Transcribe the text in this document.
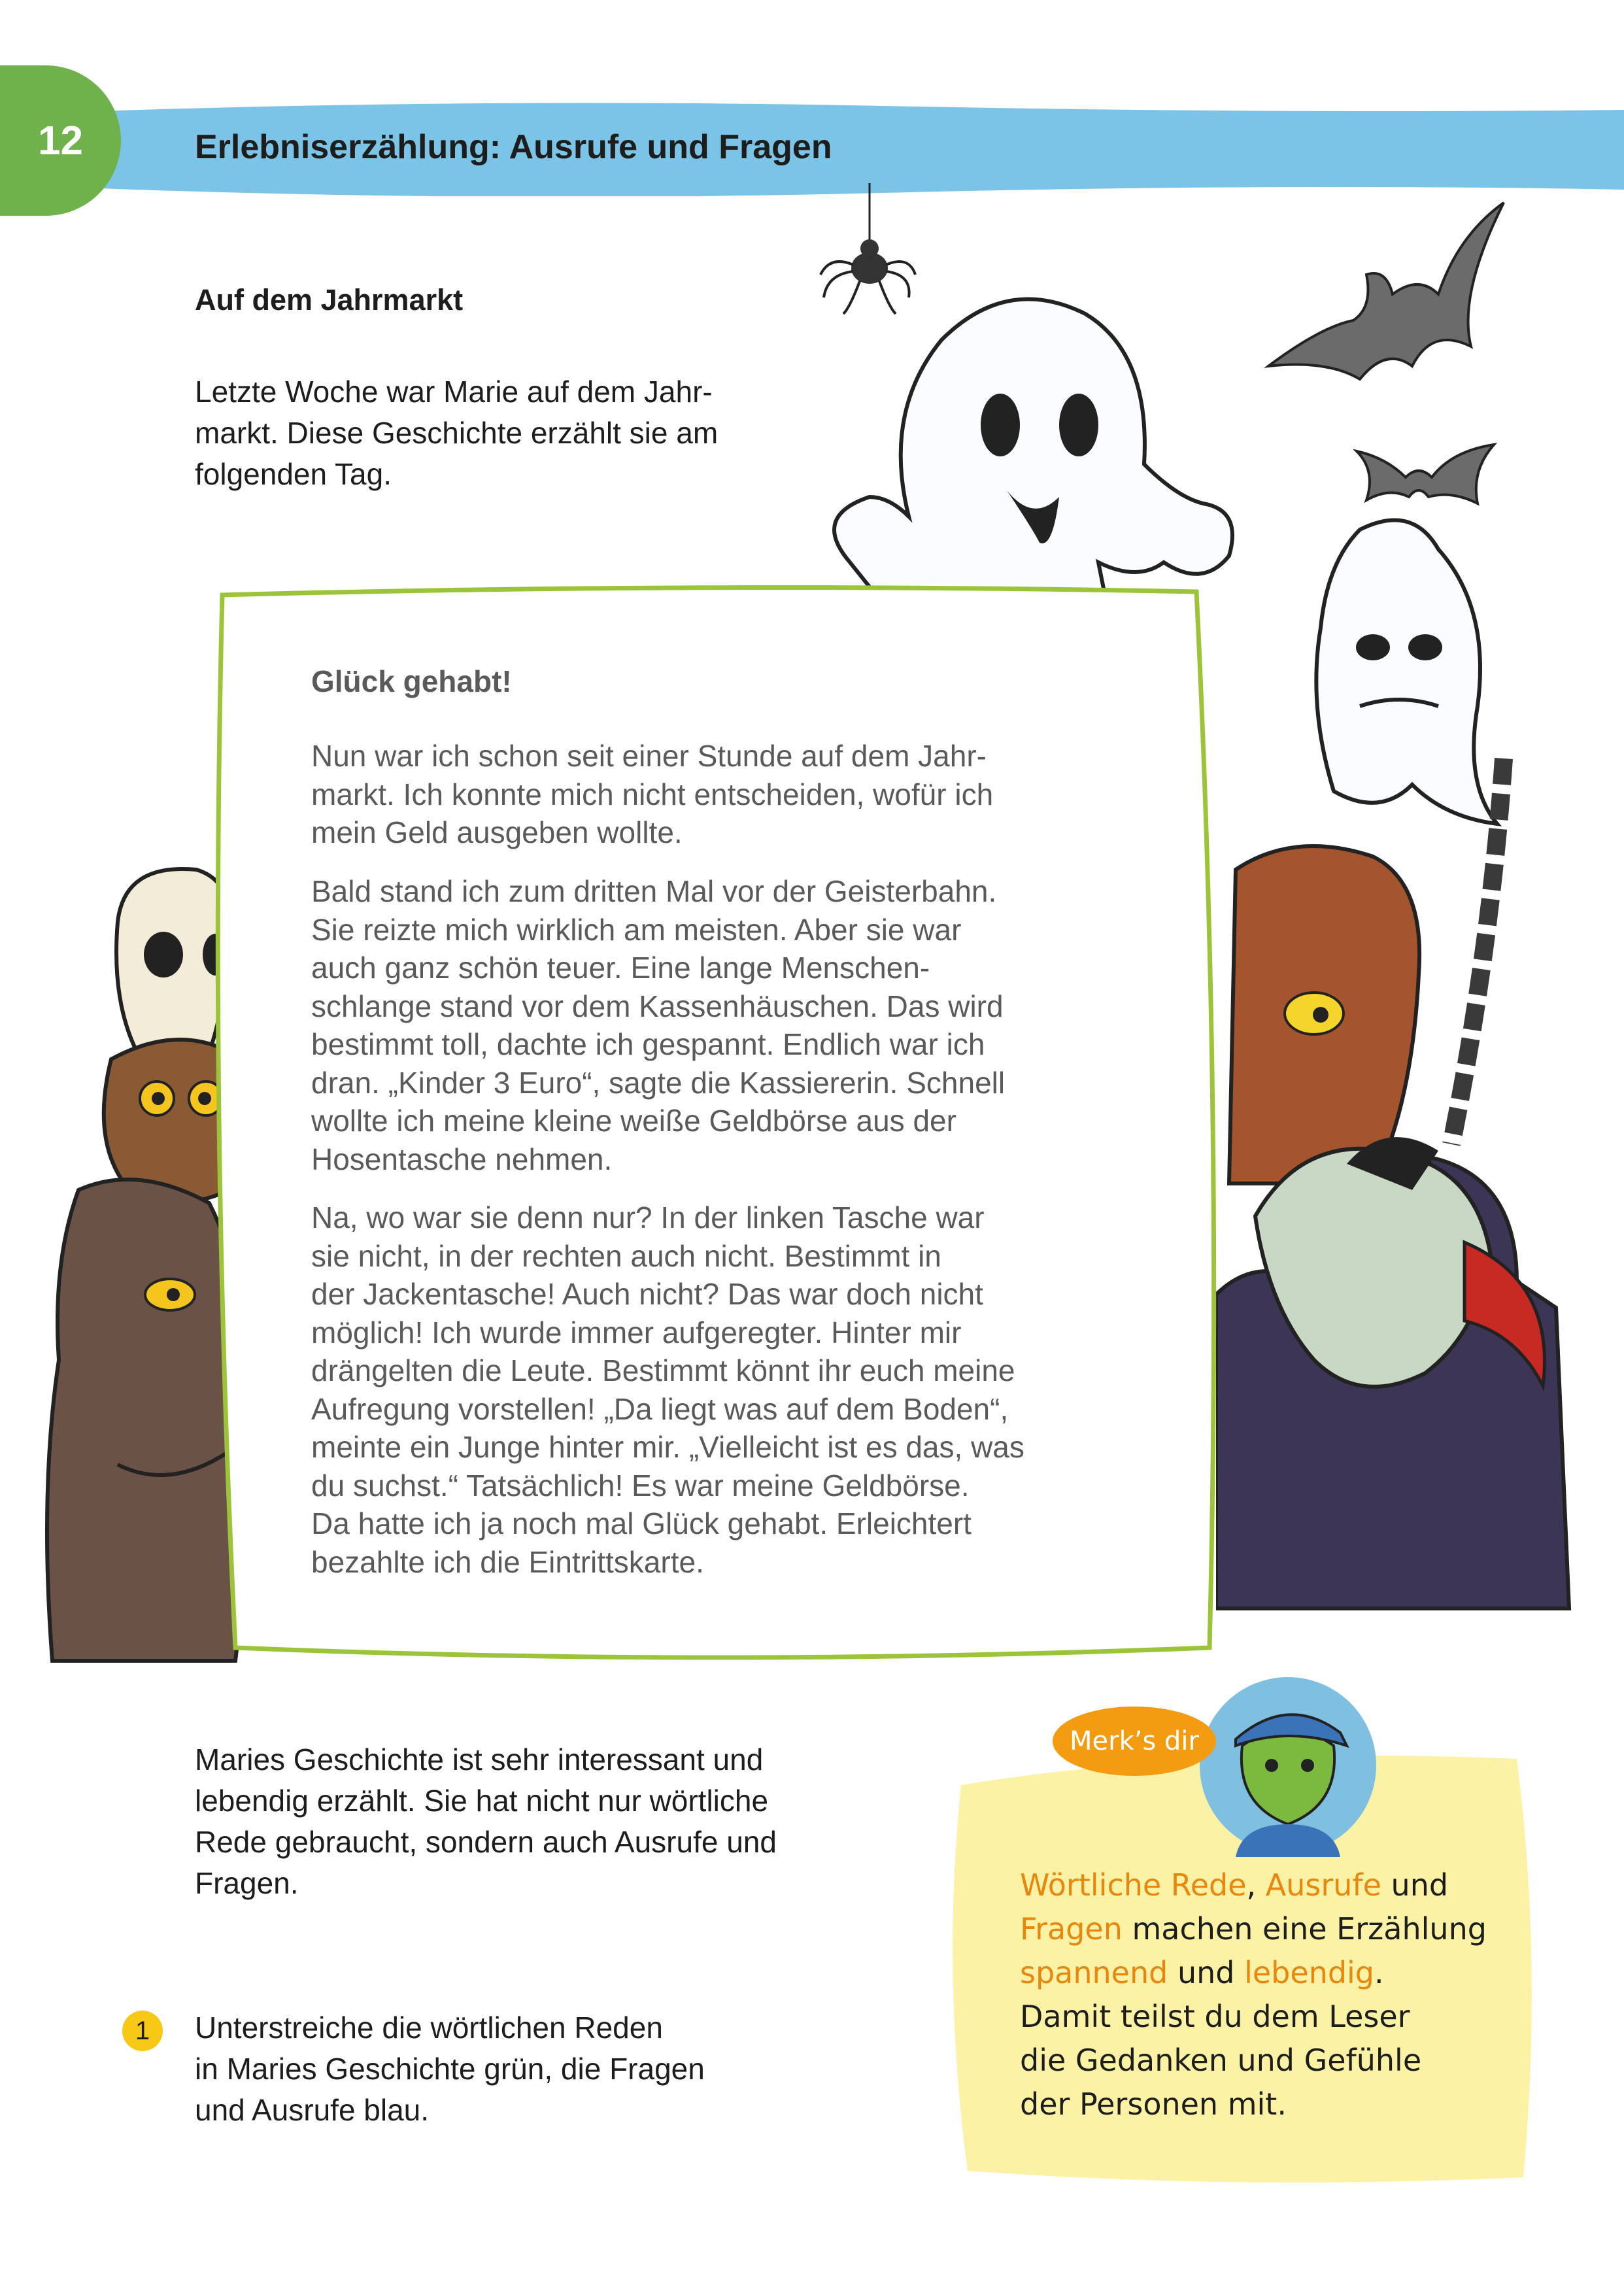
12	Erlebniserzählung: Ausrufe und Fragen
Auf dem Jahrmarkt
Letzte Woche war Marie auf dem Jahr-
markt. Diese Geschichte erzählt sie am
folgenden Tag.
Glück gehabt!
Nun war ich schon seit einer Stunde auf dem Jahr-
markt. Ich konnte mich nicht entscheiden, wofür ich
mein Geld ausgeben wollte.
Bald stand ich zum dritten Mal vor der Geisterbahn.
Sie reizte mich wirklich am meisten. Aber sie war
auch ganz schön teuer. Eine lange Menschen-
schlange stand vor dem Kassenhäuschen. Das wird
bestimmt toll, dachte ich gespannt. Endlich war ich
dran. „Kinder 3 Euro“, sagte die Kassiererin. Schnell
wollte ich meine kleine weiße Geldbörse aus der
Hosentasche nehmen.
Na, wo war sie denn nur? In der linken Tasche war
sie nicht, in der rechten auch nicht. Bestimmt in
der Jackentasche! Auch nicht? Das war doch nicht
möglich! Ich wurde immer aufgeregter. Hinter mir
drängelten die Leute. Bestimmt könnt ihr euch meine
Aufregung vorstellen! „Da liegt was auf dem Boden“,
meinte ein Junge hinter mir. „Vielleicht ist es das, was
du suchst.“ Tatsächlich! Es war meine Geldbörse.
Da hatte ich ja noch mal Glück gehabt. Erleichtert
bezahlte ich die Eintrittskarte.
Maries Geschichte ist sehr interessant und
lebendig erzählt. Sie hat nicht nur wörtliche
Rede gebraucht, sondern auch Ausrufe und
Fragen.
1 Unterstreiche die wörtlichen Reden
in Maries Geschichte grün, die Fragen
und Ausrufe blau.
Merk’s dir
Wörtliche Rede, Ausrufe und
Fragen machen eine Erzählung
spannend und lebendig.
Damit teilst du dem Leser
die Gedanken und Gefühle
der Personen mit.
